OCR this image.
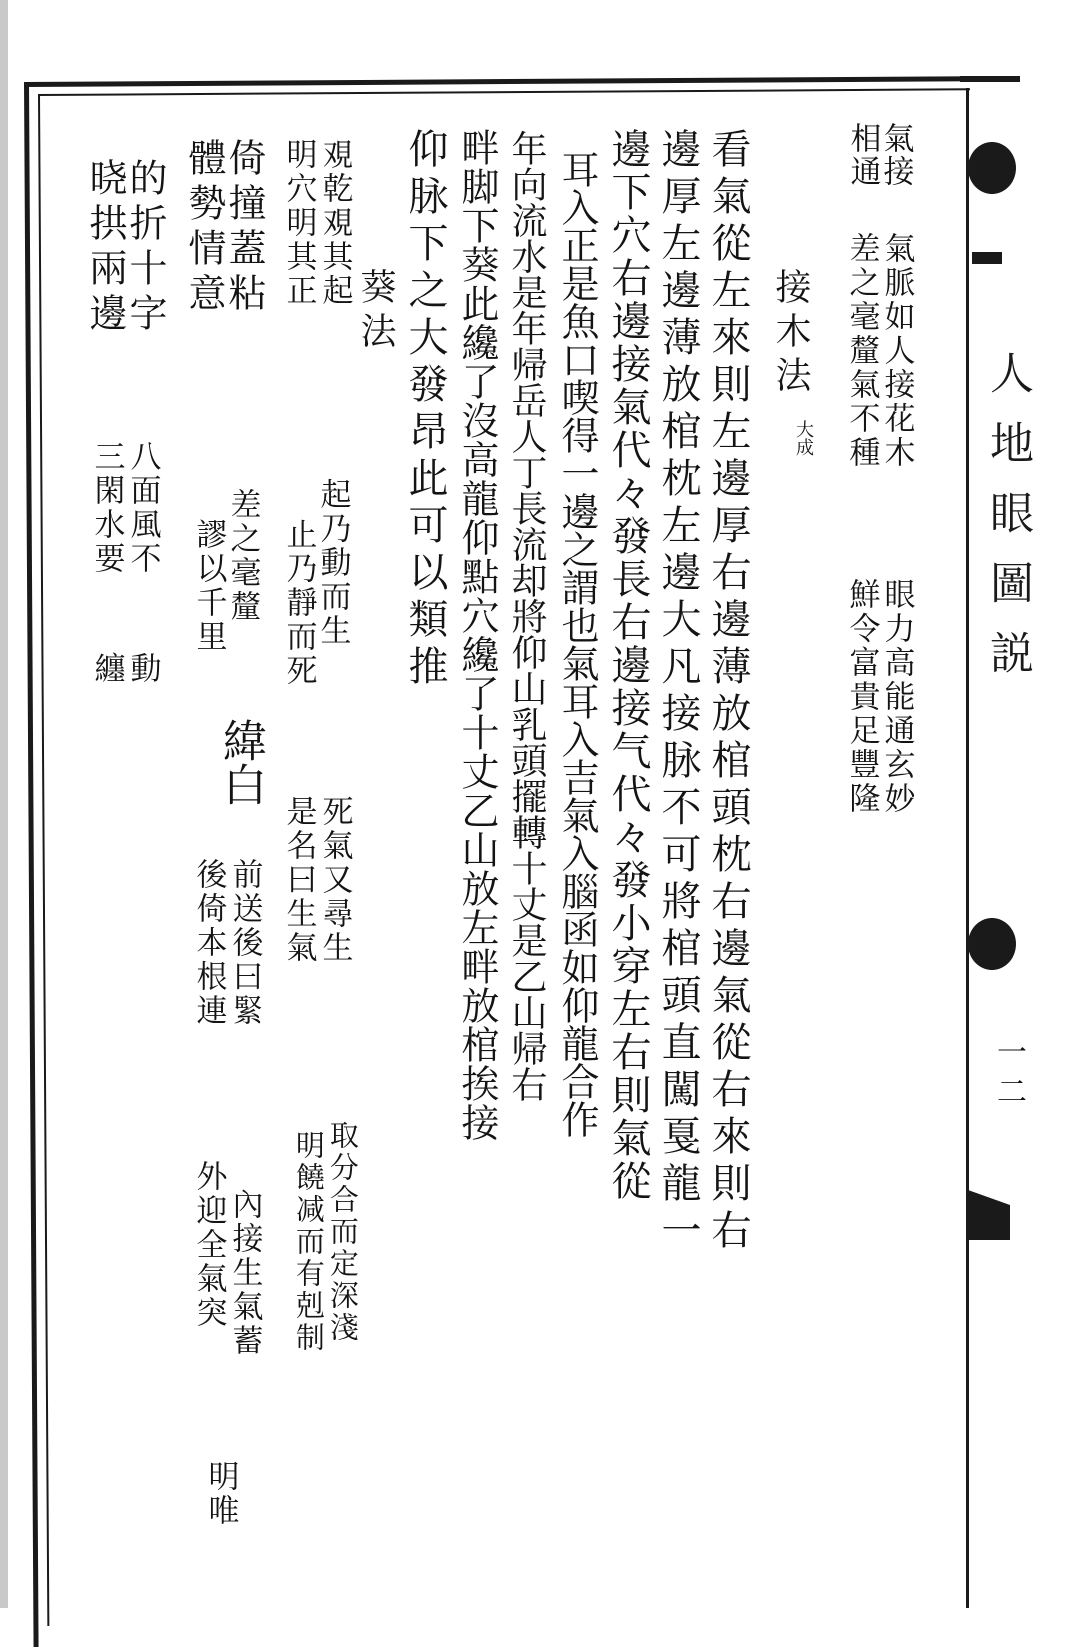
氣接
相通
氣脈如人接花木
差之毫釐氣不種
眼力高能通玄妙
鮮令富貴足豐隆
接木法
大成
看氣從左來則左邊厚右邊薄放棺頭枕右邊氣從右來則右
邊厚左邊薄放棺枕左邊大凡接脉不可將棺頭直闖戛龍一
邊下穴右邊接氣代々發長右邊接气代々發小穿左右則氣從
耳入正是魚口喫得一邊之謂也氣耳入吉氣入腦函如仰龍合作
年向流水是年帰岳人丁長流却將仰山乳頭擺轉十丈是乙山帰右
畔脚下葵此纔了沒高龍仰點穴纔了十丈乙山放左畔放棺挨接
仰脉下之大發昂此可以類推
葵法
覌乾覌其起
明穴明其正
起乃動而生
止乃靜而死
死氣又尋生
是名曰生氣
取分合而定深淺
明饒减而有剋制
倚撞蓋粘
體勢情意
差之毫釐
謬以千里
緯白
前送後曰緊
後倚本根連
內接生氣蓄
外迎全氣突
明唯
的折十字
晓拱兩邊
八面風不
三閑水要
動
纏	人地眼圖説
一 二
